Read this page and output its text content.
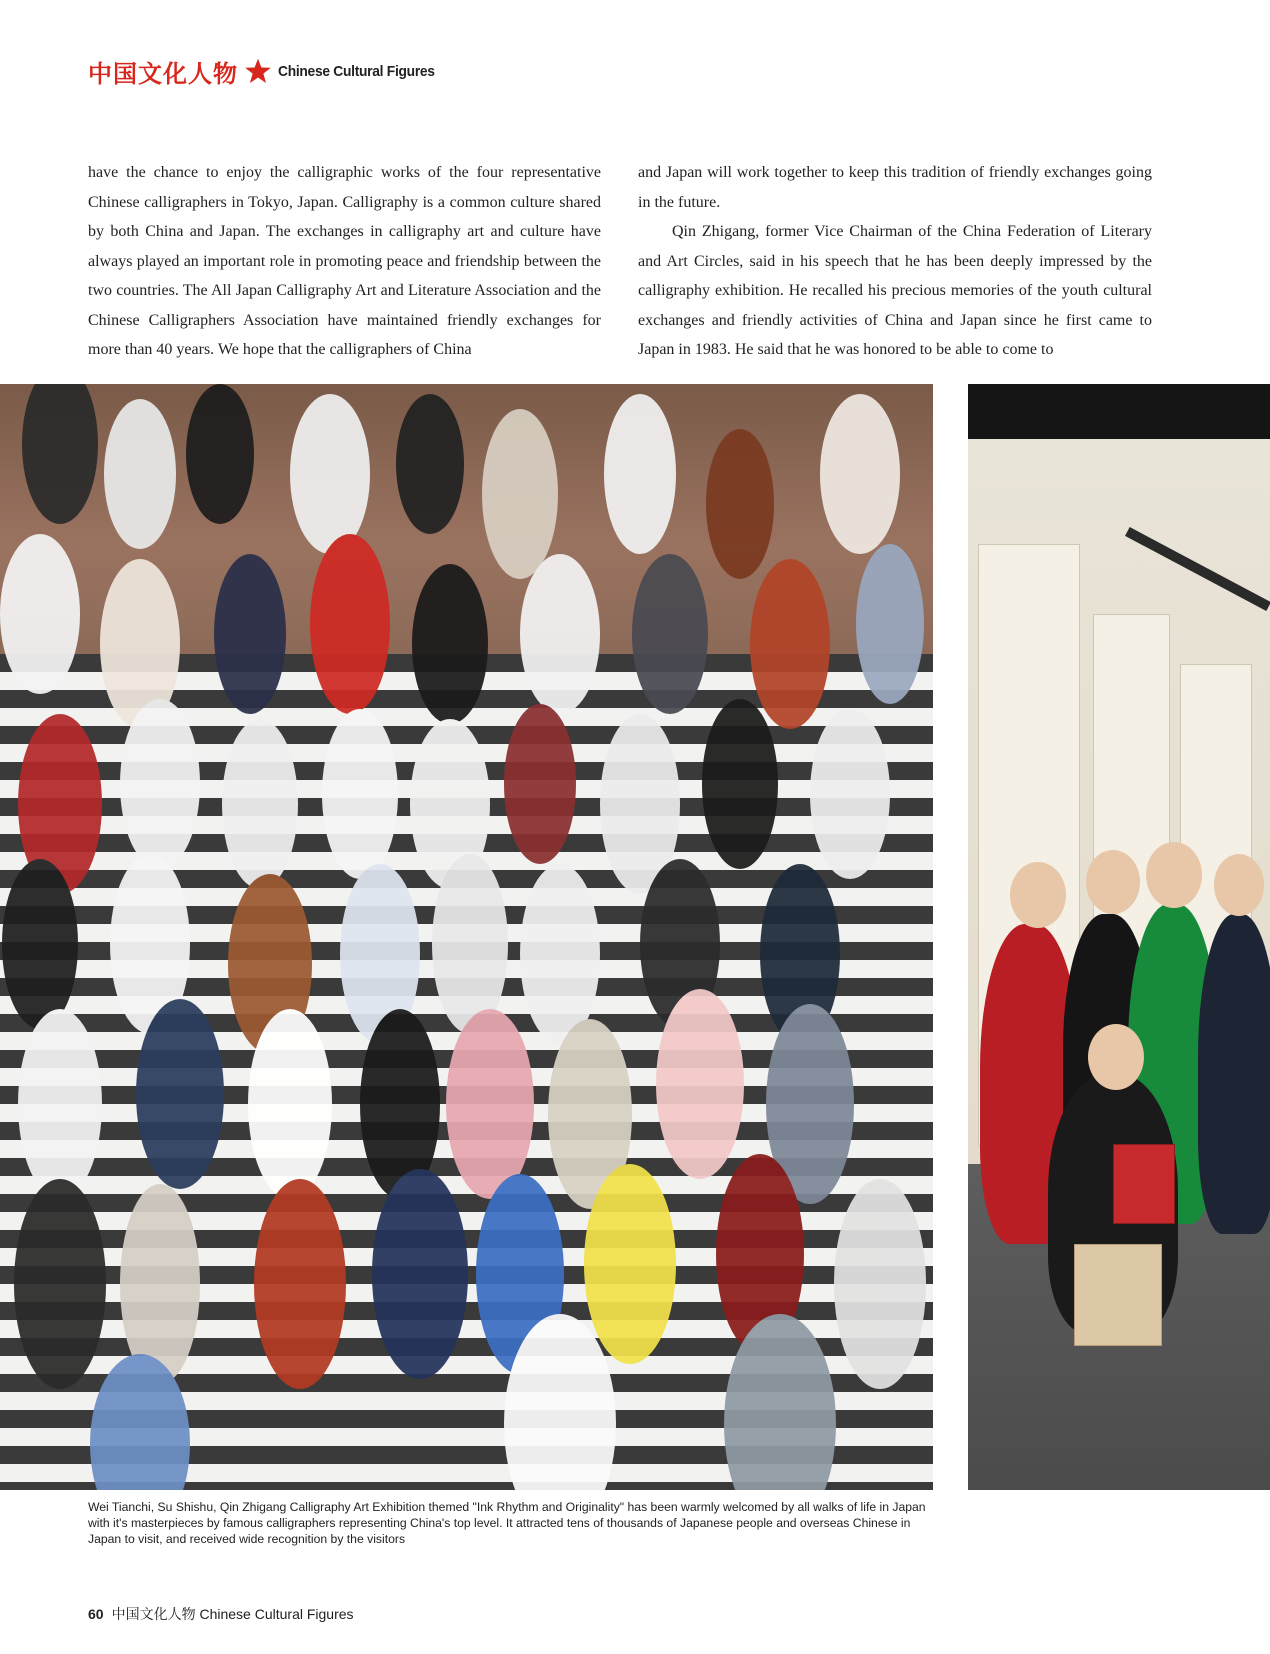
中国文化人物	Chinese Cultural Figures

have the chance to enjoy the calligraphic works of the four representative Chinese calligraphers in Tokyo, Japan. Calligraphy is a common culture shared by both China and Japan. The exchanges in calligraphy art and culture have always played an important role in promoting peace and friendship between the two countries. The All Japan Calligraphy Art and Literature Association and the Chinese Calligraphers Association have maintained friendly exchanges for more than 40 years. We hope that the calligraphers of China

and Japan will work together to keep this tradition of friendly exchanges going in the future.

Qin Zhigang, former Vice Chairman of the China Federation of Literary and Art Circles, said in his speech that he has been deeply impressed by the calligraphy exhibition. He recalled his precious memories of the youth cultural exchanges and friendly activities of China and Japan since he first came to Japan in 1983. He said that he was honored to be able to come to

Wei Tianchi, Su Shishu, Qin Zhigang Calligraphy Art Exhibition themed "Ink Rhythm and Originality" has been warmly welcomed by all walks of life in Japan with it's masterpieces by famous calligraphers representing China's top level. It attracted tens of thousands of Japanese people and overseas Chinese in Japan to visit, and received wide recognition by the visitors
60 中国文化人物 Chinese Cultural Figures
